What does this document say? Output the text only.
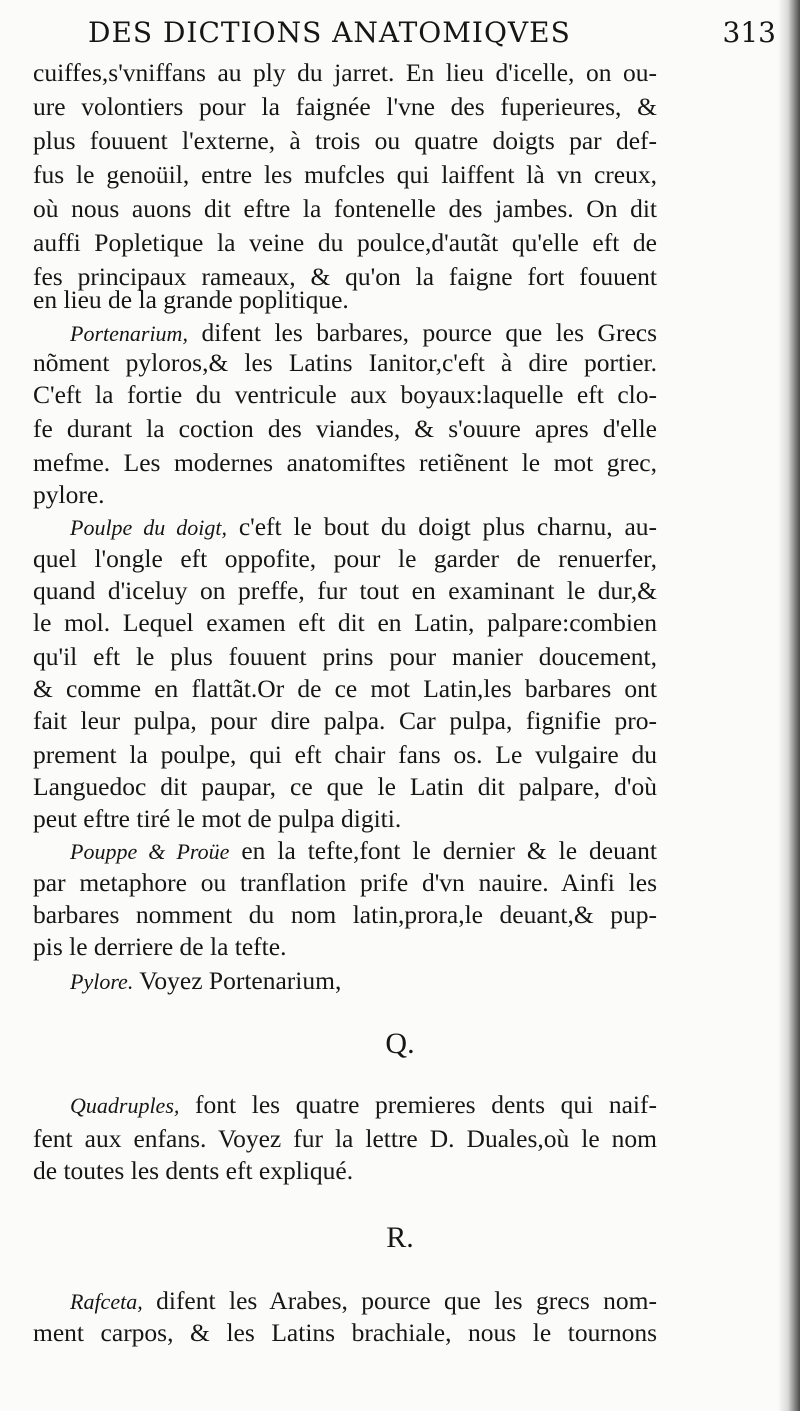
DES DICTIONS ANATOMIQVES	313
cuiffes,s'vniffans au ply du jarret. En lieu d'icelle, on ou-
ure volontiers pour la faignée l'vne des fuperieures, &
plus fouuent l'externe, à trois ou quatre doigts par def-
fus le genoüil, entre les mufcles qui laiffent là vn creux,
où nous auons dit eftre la fontenelle des jambes. On dit
auffi Popletique la veine du poulce,d'autãt qu'elle eft de
fes principaux rameaux, & qu'on la faigne fort fouuent
en lieu de la grande poplitique.
Portenarium, difent les barbares, pource que les Grecs
nõment pyloros,& les Latins Ianitor,c'eft à dire portier.
C'eft la fortie du ventricule aux boyaux:laquelle eft clo-
fe durant la coction des viandes, & s'ouure apres d'elle
mefme. Les modernes anatomiftes retiẽnent le mot grec,
pylore.
Poulpe du doigt, c'eft le bout du doigt plus charnu, au-
quel l'ongle eft oppofite, pour le garder de renuerfer,
quand d'iceluy on preffe, fur tout en examinant le dur,&
le mol. Lequel examen eft dit en Latin, palpare:combien
qu'il eft le plus fouuent prins pour manier doucement,
& comme en flattãt.Or de ce mot Latin,les barbares ont
fait leur pulpa, pour dire palpa. Car pulpa, fignifie pro-
prement la poulpe, qui eft chair fans os. Le vulgaire du
Languedoc dit paupar, ce que le Latin dit palpare, d'où
peut eftre tiré le mot de pulpa digiti.
Pouppe & Proüe en la tefte,font le dernier & le deuant
par metaphore ou tranflation prife d'vn nauire. Ainfi les
barbares nomment du nom latin,prora,le deuant,& pup-
pis le derriere de la tefte.
Pylore. Voyez Portenarium,
Q.
Quadruples, font les quatre premieres dents qui naif-
fent aux enfans. Voyez fur la lettre D. Duales,où le nom
de toutes les dents eft expliqué.
R.
Rafceta, difent les Arabes, pource que les grecs nom-
ment carpos, & les Latins brachiale, nous le tournons
